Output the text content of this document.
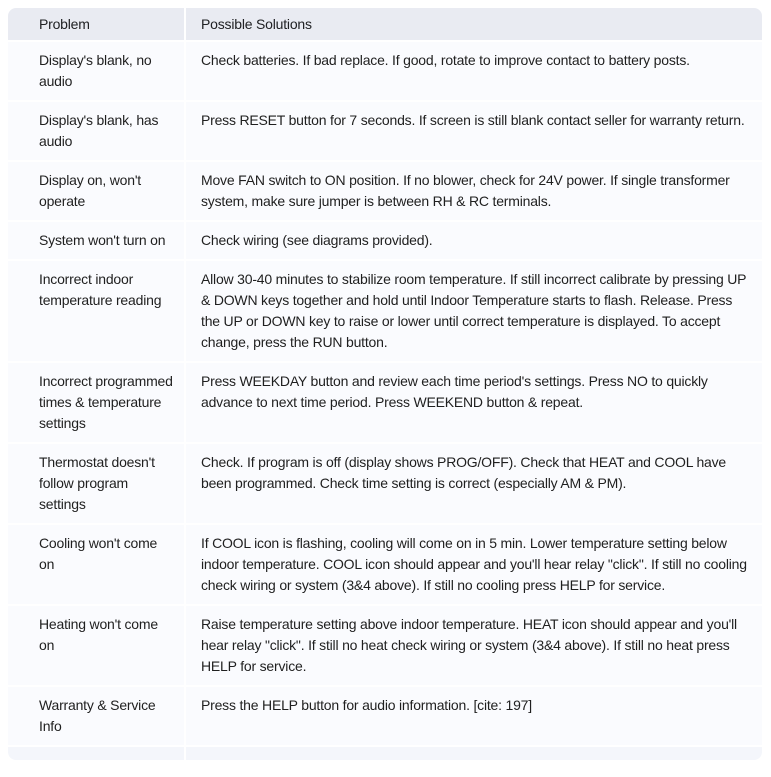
Problem	Possible Solutions
Display's blank, no audio
Check batteries. If bad replace. If good, rotate to improve contact to battery posts.
Display's blank, has audio
Press RESET button for 7 seconds. If screen is still blank contact seller for warranty return.
Display on, won't operate
Move FAN switch to ON position. If no blower, check for 24V power. If single transformer system, make sure jumper is between RH & RC terminals.
System won't turn on	Check wiring (see diagrams provided).
Incorrect indoor temperature reading
Allow 30-40 minutes to stabilize room temperature. If still incorrect calibrate by pressing UP & DOWN keys together and hold until Indoor Temperature starts to flash. Release. Press the UP or DOWN key to raise or lower until correct temperature is displayed. To accept change, press the RUN button.
Incorrect programmed times & temperature settings
Press WEEKDAY button and review each time period's settings. Press NO to quickly advance to next time period. Press WEEKEND button & repeat.
Thermostat doesn't follow program settings
Check. If program is off (display shows PROG/OFF). Check that HEAT and COOL have been programmed. Check time setting is correct (especially AM & PM).
Cooling won't come on
If COOL icon is flashing, cooling will come on in 5 min. Lower temperature setting below indoor temperature. COOL icon should appear and you'll hear relay "click". If still no cooling check wiring or system (3&4 above). If still no cooling press HELP for service.
Heating won't come on
Raise temperature setting above indoor temperature. HEAT icon should appear and you'll hear relay "click". If still no heat check wiring or system (3&4 above). If still no heat press HELP for service.
Warranty & Service Info
Press the HELP button for audio information. [cite: 197]
